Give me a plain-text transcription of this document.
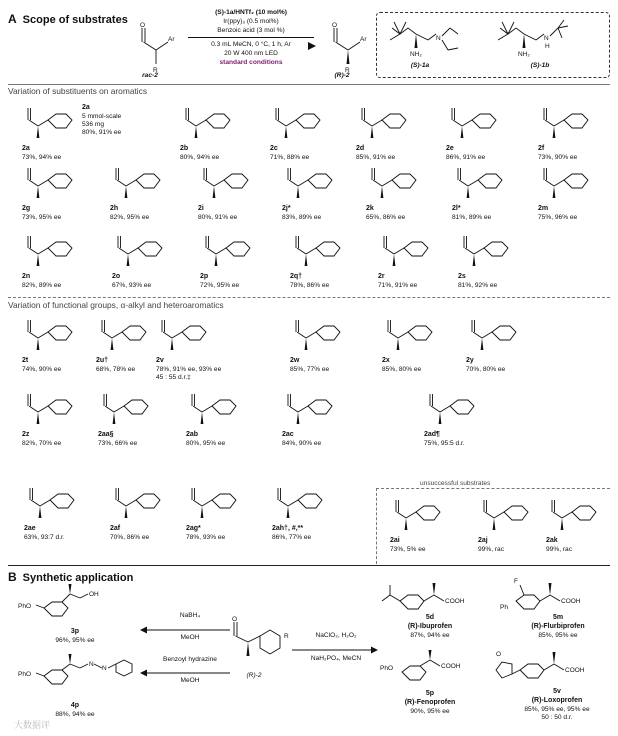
A Scope of substrates O
Ar
R
rac-2
(S)-1a/HNTf₂ (10 mol%)
Ir(ppy)₃ (0.5 mol%)
Benzoic acid (3 mol %)
0.3 mL MeCN, 0 °C, 1 h, Ar
20 W 400 nm LED
standard conditions
O
Ar
R
(R)-2
N
NH₂
(S)-1a
N
H
NH₂
(S)-1b
Variation of substituents on aromatics
2a
73%, 94% ee
2a
5 mmol-scale
536 mg
80%, 91% ee
2b
80%, 94% ee
2c
71%, 88% ee
2d
85%, 91% ee
2e
86%, 91% ee
2f
73%, 90% ee
2g
73%, 95% ee
2h
82%, 95% ee
2i
80%, 91% ee
2j*
83%, 89% ee
2k
65%, 86% ee
2l*
81%, 89% ee
2m
75%, 96% ee
2n
82%, 89% ee
2o
67%, 93% ee
2p
72%, 95% ee
2q†
78%, 86% ee
2r
71%, 91% ee
2s
81%, 92% ee
2t
74%, 90% ee
2u†
68%, 78% ee
2v
78%, 91% ee, 93% ee
45 : 55 d.r.‡
2w
85%, 77% ee
2x
85%, 80% ee
2y
70%, 80% ee
2z
82%, 70% ee
2aa§
73%, 66% ee
2ab
80%, 95% ee
2ac
84%, 90% ee
2ad¶
75%, 95:5 d.r.
2ae
63%, 93:7 d.r.
2af
70%, 86% ee
2ag*
78%, 93% ee
2ah†, #,**
86%, 77% ee	2ai
73%, 5% ee
2aj
99%, rac
2ak
99%, rac
Variation of functional groups, α-alkyl and heteroaromatics
unsuccessful substrates
B Synthetic application
O
R
(R)-2
NaBH₄
MeOH
Benzoyl hydrazine
MeOH
NaClO₂, H₂O₂
NaH₂PO₄, MeCN
PhO
OH
3p
96%, 95% ee
PhO
N
N
4p
88%, 94% ee
COOH
5d
(R)-Ibuprofen
87%, 94% ee
F
Ph
COOH
5m
(R)-Flurbiprofen
85%, 95% ee
PhO	COOH
5p
(R)-Fenoprofen
90%, 95% ee
O
COOH
5v
(R)-Loxoprofen
85%, 95% ee, 95% ee
50 : 50 d.r.
大数据评
